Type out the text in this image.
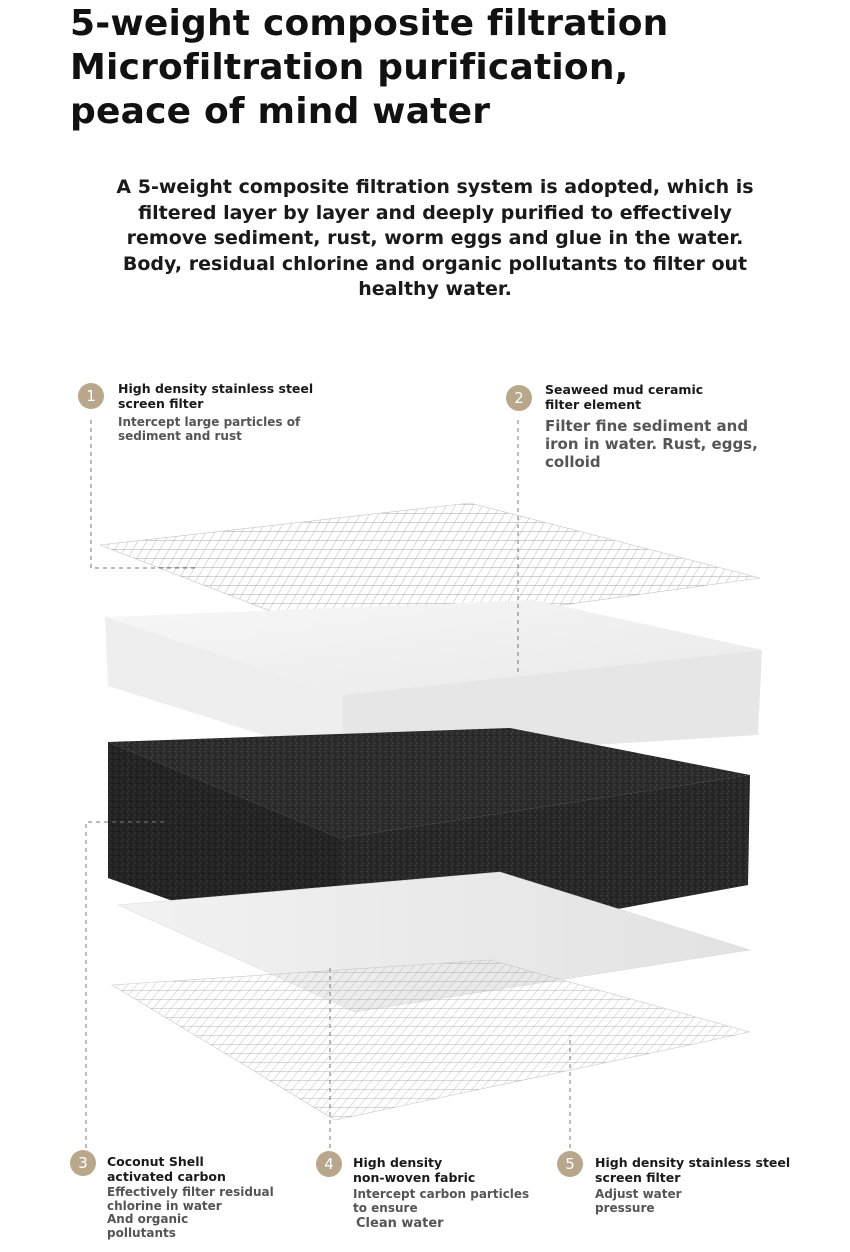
5-weight composite filtration
Microfiltration purification,
peace of mind water

A 5-weight composite filtration system is adopted, which is
filtered layer by layer and deeply purified to effectively
remove sediment, rust, worm eggs and glue in the water.
Body, residual chlorine and organic pollutants to filter out
healthy water.

1	High density stainless steel
screen filter
Intercept large particles of
sediment and rust
2	Seaweed mud ceramic
filter element
Filter fine sediment and
iron in water. Rust, eggs,
colloid
3	Coconut Shell
activated carbon
Effectively filter residual
chlorine in water
And organic
pollutants
4	High density
non-woven fabric
Intercept carbon particles
to ensure
Clean water
5	High density stainless steel
screen filter
Adjust water
pressure
